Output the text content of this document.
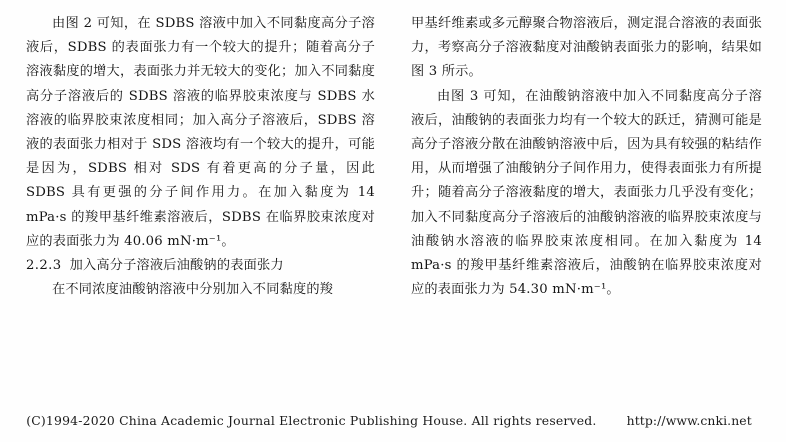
由图 2 可知，在 SDBS 溶液中加入不同黏度高分子溶液后，SDBS 的表面张力有一个较大的提升；随着高分子溶液黏度的增大，表面张力并无较大的变化；加入不同黏度高分子溶液后的 SDBS 溶液的临界胶束浓度与 SDBS 水溶液的临界胶束浓度相同；加入高分子溶液后，SDBS 溶液的表面张力相对于 SDS 溶液均有一个较大的提升，可能是因为，SDBS 相对 SDS 有着更高的分子量，因此 SDBS 具有更强的分子间作用力。在加入黏度为 14 mPa·s 的羧甲基纤维素溶液后，SDBS 在临界胶束浓度对应的表面张力为 40.06 mN·m⁻¹。

2.2.3 加入高分子溶液后油酸钠的表面张力

在不同浓度油酸钠溶液中分别加入不同黏度的羧

甲基纤维素或多元醇聚合物溶液后，测定混合溶液的表面张力，考察高分子溶液黏度对油酸钠表面张力的影响，结果如图 3 所示。

由图 3 可知，在油酸钠溶液中加入不同黏度高分子溶液后，油酸钠的表面张力均有一个较大的跃迁，猜测可能是高分子溶液分散在油酸钠溶液中后，因为具有较强的粘结作用，从而增强了油酸钠分子间作用力，使得表面张力有所提升；随着高分子溶液黏度的增大，表面张力几乎没有变化；加入不同黏度高分子溶液后的油酸钠溶液的临界胶束浓度与油酸钠水溶液的临界胶束浓度相同。在加入黏度为 14 mPa·s 的羧甲基纤维素溶液后，油酸钠在临界胶束浓度对应的表面张力为 54.30 mN·m⁻¹。

(C)1994-2020 China Academic Journal Electronic Publishing House. All rights reserved. http://www.cnki.net
